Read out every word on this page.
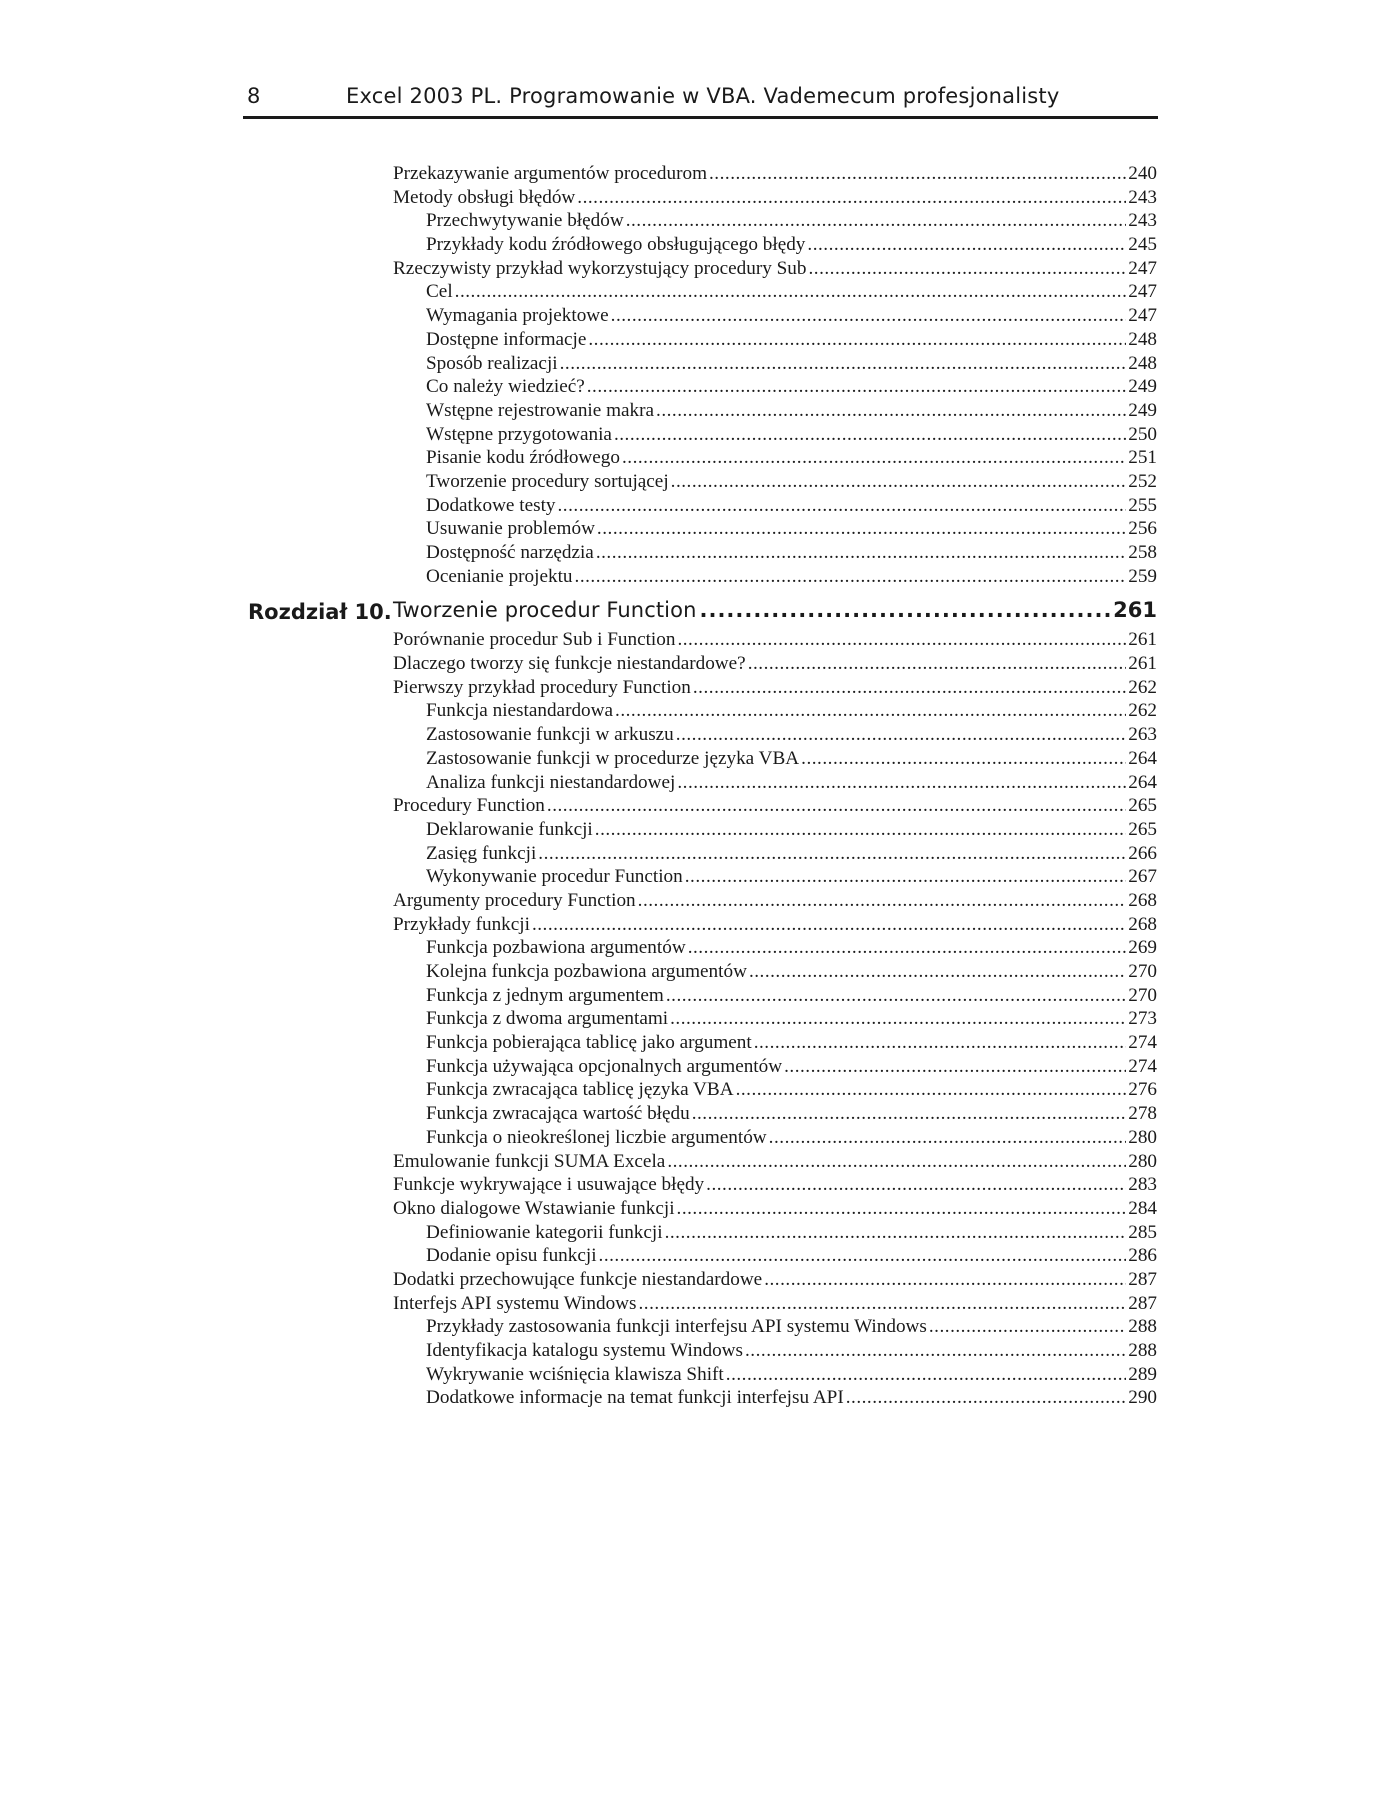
8	Excel 2003 PL. Programowanie w VBA. Vademecum profesjonalisty
Przekazywanie argumentów procedurom .....	240
Metody obsługi błędów .....	243
Przechwytywanie błędów .....	243
Przykłady kodu źródłowego obsługującego błędy .....	245
Rzeczywisty przykład wykorzystujący procedury Sub .....	247
Cel .....	247
Wymagania projektowe .....	247
Dostępne informacje .....	248
Sposób realizacji .....	248
Co należy wiedzieć? .....	249
Wstępne rejestrowanie makra .....	249
Wstępne przygotowania .....	250
Pisanie kodu źródłowego .....	251
Tworzenie procedury sortującej .....	252
Dodatkowe testy .....	255
Usuwanie problemów .....	256
Dostępność narzędzia .....	258
Ocenianie projektu .....	259
Rozdział 10. Tworzenie procedur Function .....	261
Porównanie procedur Sub i Function .....	261
Dlaczego tworzy się funkcje niestandardowe? .....	261
Pierwszy przykład procedury Function .....	262
Funkcja niestandardowa .....	262
Zastosowanie funkcji w arkuszu .....	263
Zastosowanie funkcji w procedurze języka VBA .....	264
Analiza funkcji niestandardowej .....	264
Procedury Function .....	265
Deklarowanie funkcji .....	265
Zasięg funkcji .....	266
Wykonywanie procedur Function .....	267
Argumenty procedury Function .....	268
Przykłady funkcji .....	268
Funkcja pozbawiona argumentów .....	269
Kolejna funkcja pozbawiona argumentów .....	270
Funkcja z jednym argumentem .....	270
Funkcja z dwoma argumentami .....	273
Funkcja pobierająca tablicę jako argument .....	274
Funkcja używająca opcjonalnych argumentów .....	274
Funkcja zwracająca tablicę języka VBA .....	276
Funkcja zwracająca wartość błędu .....	278
Funkcja o nieokreślonej liczbie argumentów .....	280
Emulowanie funkcji SUMA Excela .....	280
Funkcje wykrywające i usuwające błędy .....	283
Okno dialogowe Wstawianie funkcji .....	284
Definiowanie kategorii funkcji .....	285
Dodanie opisu funkcji .....	286
Dodatki przechowujące funkcje niestandardowe .....	287
Interfejs API systemu Windows .....	287
Przykłady zastosowania funkcji interfejsu API systemu Windows .....	288
Identyfikacja katalogu systemu Windows .....	288
Wykrywanie wciśnięcia klawisza Shift .....	289
Dodatkowe informacje na temat funkcji interfejsu API .....	290
